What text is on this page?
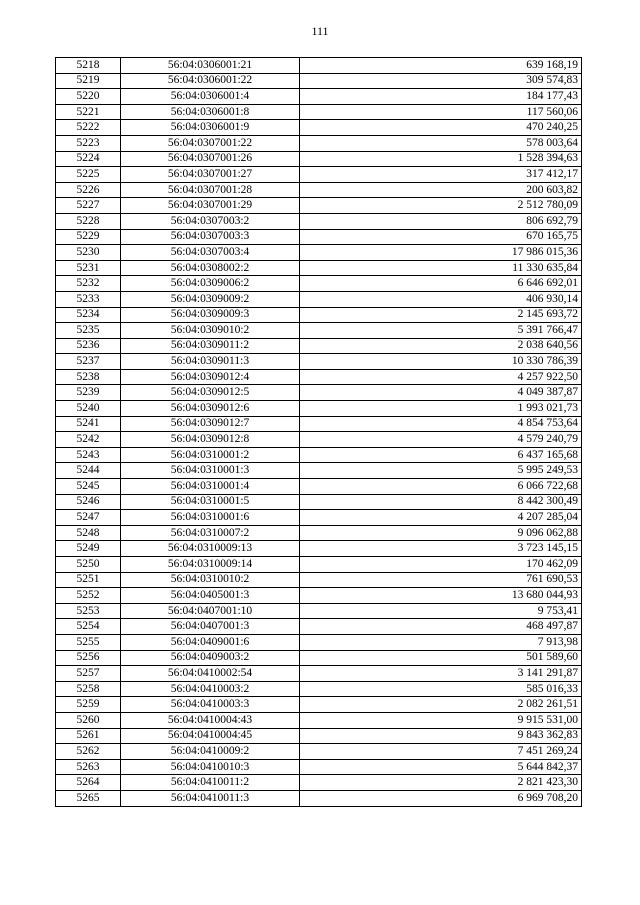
111
5218	56:04:0306001:21	639 168,19
5219	56:04:0306001:22	309 574,83
5220	56:04:0306001:4	184 177,43
5221	56:04:0306001:8	117 560,06
5222	56:04:0306001:9	470 240,25
5223	56:04:0307001:22	578 003,64
5224	56:04:0307001:26	1 528 394,63
5225	56:04:0307001:27	317 412,17
5226	56:04:0307001:28	200 603,82
5227	56:04:0307001:29	2 512 780,09
5228	56:04:0307003:2	806 692,79
5229	56:04:0307003:3	670 165,75
5230	56:04:0307003:4	17 986 015,36
5231	56:04:0308002:2	11 330 635,84
5232	56:04:0309006:2	6 646 692,01
5233	56:04:0309009:2	406 930,14
5234	56:04:0309009:3	2 145 693,72
5235	56:04:0309010:2	5 391 766,47
5236	56:04:0309011:2	2 038 640,56
5237	56:04:0309011:3	10 330 786,39
5238	56:04:0309012:4	4 257 922,50
5239	56:04:0309012:5	4 049 387,87
5240	56:04:0309012:6	1 993 021,73
5241	56:04:0309012:7	4 854 753,64
5242	56:04:0309012:8	4 579 240,79
5243	56:04:0310001:2	6 437 165,68
5244	56:04:0310001:3	5 995 249,53
5245	56:04:0310001:4	6 066 722,68
5246	56:04:0310001:5	8 442 300,49
5247	56:04:0310001:6	4 207 285,04
5248	56:04:0310007:2	9 096 062,88
5249	56:04:0310009:13	3 723 145,15
5250	56:04:0310009:14	170 462,09
5251	56:04:0310010:2	761 690,53
5252	56:04:0405001:3	13 680 044,93
5253	56:04:0407001:10	9 753,41
5254	56:04:0407001:3	468 497,87
5255	56:04:0409001:6	7 913,98
5256	56:04:0409003:2	501 589,60
5257	56:04:0410002:54	3 141 291,87
5258	56:04:0410003:2	585 016,33
5259	56:04:0410003:3	2 082 261,51
5260	56:04:0410004:43	9 915 531,00
5261	56:04:0410004:45	9 843 362,83
5262	56:04:0410009:2	7 451 269,24
5263	56:04:0410010:3	5 644 842,37
5264	56:04:0410011:2	2 821 423,30
5265	56:04:0410011:3	6 969 708,20
